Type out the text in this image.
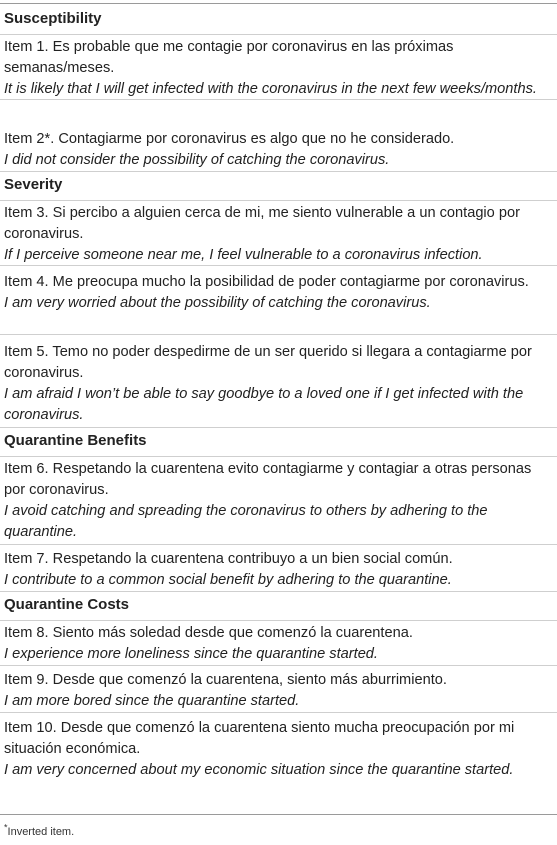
Susceptibility
Item 1. Es probable que me contagie por coronavirus en las próximas semanas/meses.
It is likely that I will get infected with the coronavirus in the next few weeks/months.
Item 2*. Contagiarme por coronavirus es algo que no he considerado.
I did not consider the possibility of catching the coronavirus.
Severity
Item 3. Si percibo a alguien cerca de mi, me siento vulnerable a un contagio por coronavirus.
If I perceive someone near me, I feel vulnerable to a coronavirus infection.
Item 4. Me preocupa mucho la posibilidad de poder contagiarme por coronavirus.
I am very worried about the possibility of catching the coronavirus.
Item 5. Temo no poder despedirme de un ser querido si llegara a contagiarme por coronavirus.
I am afraid I won’t be able to say goodbye to a loved one if I get infected with the coronavirus.
Quarantine Benefits
Item 6. Respetando la cuarentena evito contagiarme y contagiar a otras personas por coronavirus.
I avoid catching and spreading the coronavirus to others by adhering to the quarantine.
Item 7. Respetando la cuarentena contribuyo a un bien social común.
I contribute to a common social benefit by adhering to the quarantine.
Quarantine Costs
Item 8. Siento más soledad desde que comenzó la cuarentena.
I experience more loneliness since the quarantine started.
Item 9. Desde que comenzó la cuarentena, siento más aburrimiento.
I am more bored since the quarantine started.
Item 10. Desde que comenzó la cuarentena siento mucha preocupación por mi situación económica.
I am very concerned about my economic situation since the quarantine started.
*Inverted item.
